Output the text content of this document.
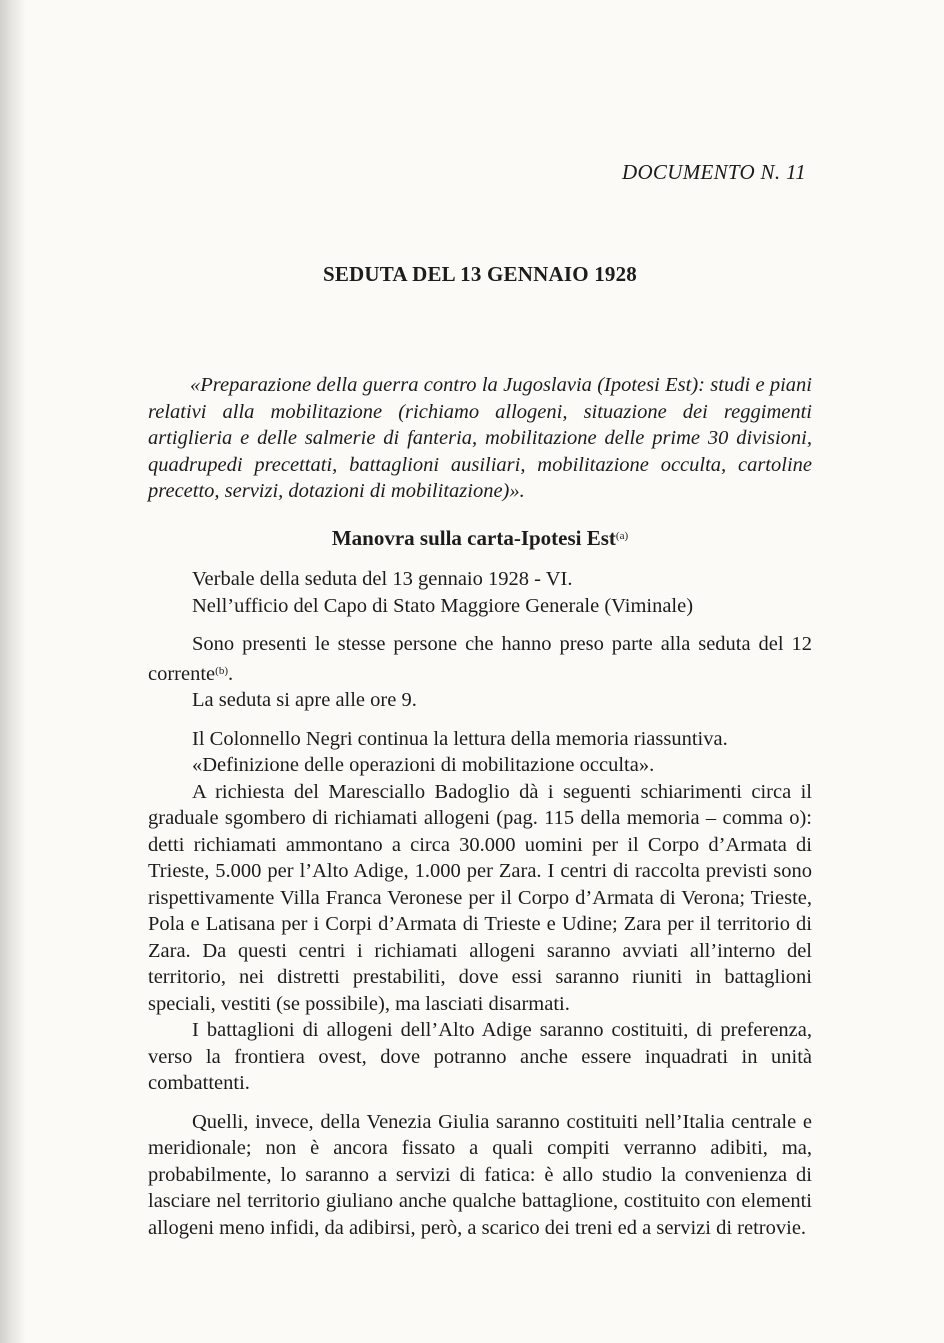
DOCUMENTO N. 11
SEDUTA DEL 13 GENNAIO 1928
«Preparazione della guerra contro la Jugoslavia (Ipotesi Est): studi e piani relativi alla mobilitazione (richiamo allogeni, situazione dei reggimenti artiglieria e delle salmerie di fanteria, mobilitazione delle prime 30 divisioni, quadrupedi precettati, battaglioni ausiliari, mobilitazione occulta, cartoline precetto, servizi, dotazioni di mobilitazione)».
Manovra sulla carta-Ipotesi Est$^{(a)}$

Verbale della seduta del 13 gennaio 1928 - VI.

Nell’ufficio del Capo di Stato Maggiore Generale (Viminale)

Sono presenti le stesse persone che hanno preso parte alla seduta del 12 corrente$^{(b)}$.

La seduta si apre alle ore 9.

Il Colonnello Negri continua la lettura della memoria riassuntiva.

«Definizione delle operazioni di mobilitazione occulta».

A richiesta del Maresciallo Badoglio dà i seguenti schiarimenti circa il graduale sgombero di richiamati allogeni (pag. 115 della memoria – comma o): detti richiamati ammontano a circa 30.000 uomini per il Corpo d’Armata di Trieste, 5.000 per l’Alto Adige, 1.000 per Zara. I centri di raccolta previsti sono rispettivamente Villa Franca Veronese per il Corpo d’Armata di Verona; Trieste, Pola e Latisana per i Corpi d’Armata di Trieste e Udine; Zara per il territorio di Zara. Da questi centri i richiamati allogeni saranno avviati all’interno del territorio, nei distretti prestabiliti, dove essi saranno riuniti in battaglioni speciali, vestiti (se possibile), ma lasciati disarmati.

I battaglioni di allogeni dell’Alto Adige saranno costituiti, di preferenza, verso la frontiera ovest, dove potranno anche essere inquadrati in unità combattenti.

Quelli, invece, della Venezia Giulia saranno costituiti nell’Italia centrale e meridionale; non è ancora fissato a quali compiti verranno adibiti, ma, probabilmente, lo saranno a servizi di fatica: è allo studio la convenienza di lasciare nel territorio giuliano anche qualche battaglione, costituito con elementi allogeni meno infidi, da adibirsi, però, a scarico dei treni ed a servizi di retrovie.
